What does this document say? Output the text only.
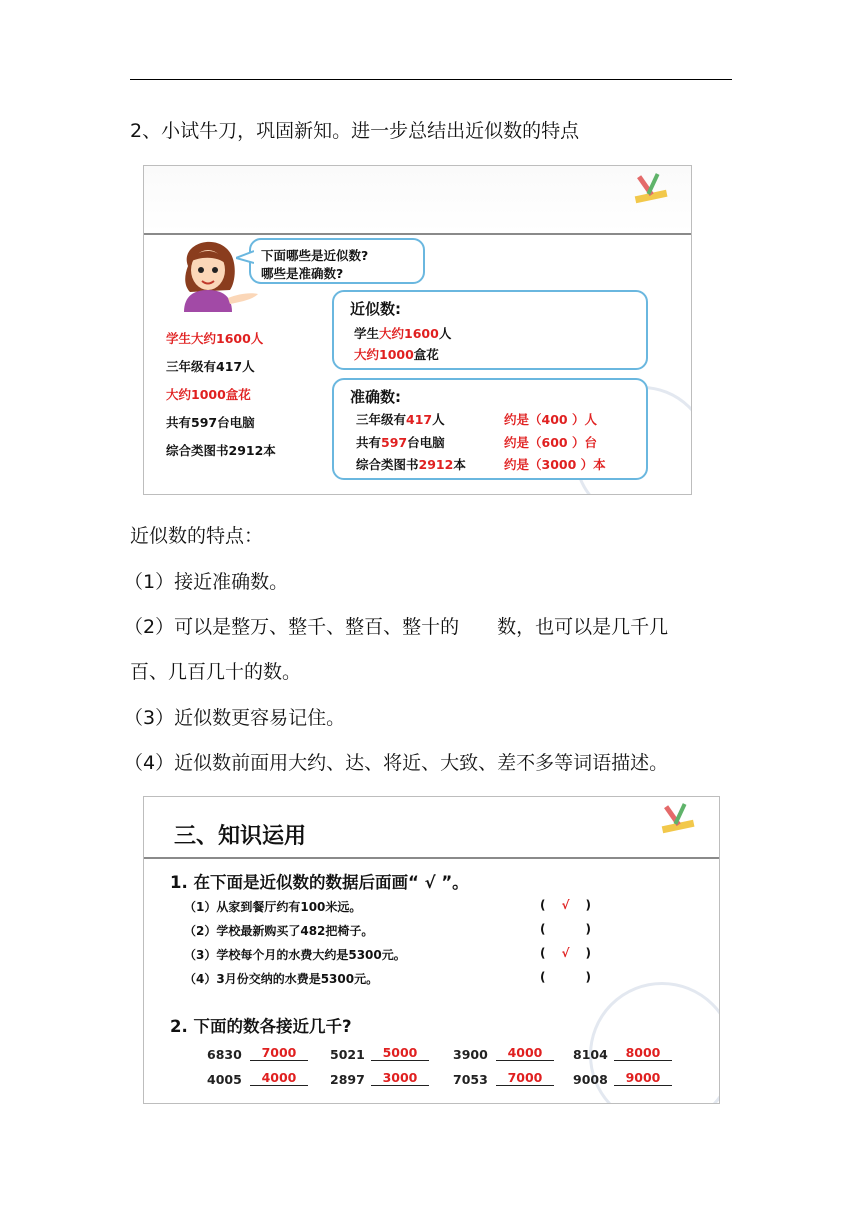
2、小试牛刀，巩固新知。进一步总结出近似数的特点
下面哪些是近似数?
哪些是准确数?
学生大约1600人
三年级有417人
大约1000盒花
共有597台电脑
综合类图书2912本
近似数:
学生大约1600人
大约1000盒花
准确数:
三年级有417人	约是（400 ）人
共有597台电脑	约是（600 ）台
综合类图书2912本	约是（3000 ）本
近似数的特点：
（1）接近准确数。
（2）可以是整万、整千、整百、整十的　　数，也可以是几千几
百、几百几十的数。
（3）近似数更容易记住。
（4）近似数前面用大约、达、将近、大致、差不多等词语描述。
三、知识运用
1. 在下面是近似数的数据后面画“ √ ”。
（1）从家到餐厅约有100米远。	( √ )
（2）学校最新购买了482把椅子。	(	)
（3）学校每个月的水费大约是5300元。	( √ )
（4）3月份交纳的水费是5300元。	(	)
2. 下面的数各接近几千?
6830	7000	5021	5000	3900	4000	8104	8000
4005	4000	2897	3000	7053	7000	9008	9000
